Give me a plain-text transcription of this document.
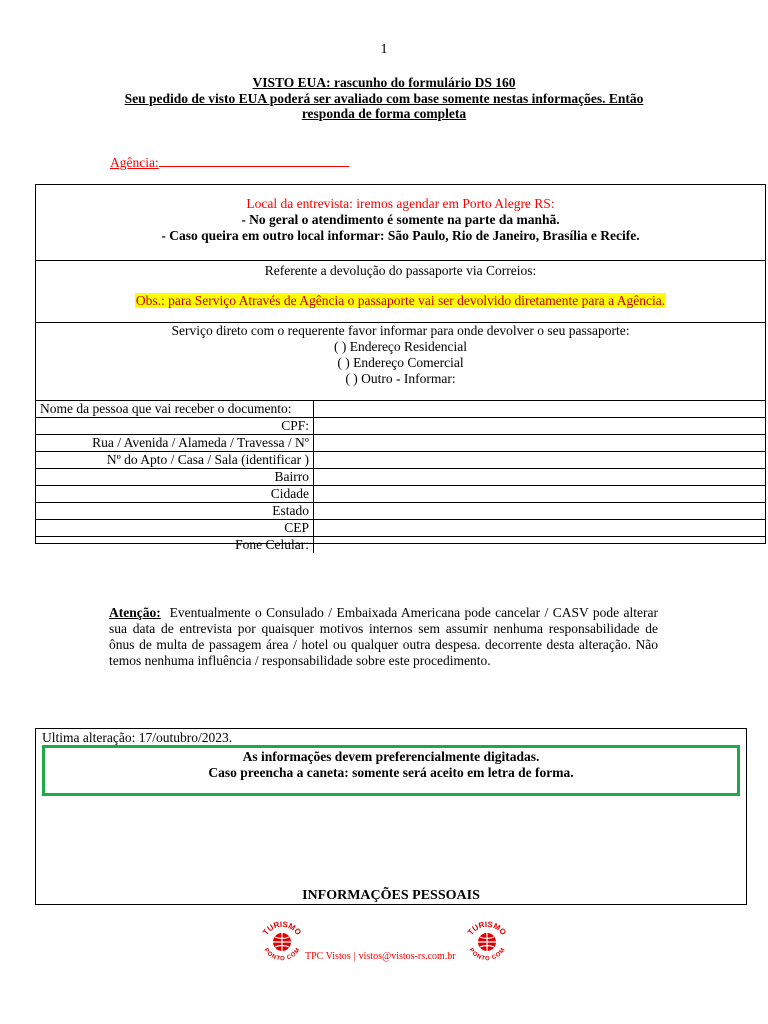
1
VISTO EUA: rascunho do formulário DS 160
Seu pedido de visto EUA poderá ser avaliado com base somente nestas informações. Então
responda de forma completa
Agência:
Local da entrevista: iremos agendar em Porto Alegre RS:
- No geral o atendimento é somente na parte da manhã.
- Caso queira em outro local informar: São Paulo, Rio de Janeiro, Brasília e Recife.
Referente a devolução do passaporte via Correios:
Obs.: para Serviço Através de Agência o passaporte vai ser devolvido diretamente para a Agência.
Serviço direto com o requerente favor informar para onde devolver o seu passaporte:
( ) Endereço Residencial
( ) Endereço Comercial
( ) Outro - Informar:
Nome da pessoa que vai receber o documento:	
CPF:	
Rua / Avenida / Alameda / Travessa / Nº	
Nº do Apto / Casa / Sala (identificar )	
Bairro	
Cidade	
Estado	
CEP	
Fone Celular:	
Atenção: Eventualmente o Consulado / Embaixada Americana pode cancelar / CASV pode alterar sua data de entrevista por quaisquer motivos internos sem assumir nenhuma responsabilidade de ônus de multa de passagem área / hotel ou qualquer outra despesa. decorrente desta alteração. Não temos nenhuma influência / responsabilidade sobre este procedimento.
Ultima alteração: 17/outubro/2023.
As informações devem preferencialmente digitadas.
Caso preencha a caneta: somente será aceito em letra de forma.
INFORMAÇÕES PESSOAIS
TURISMO
PONTO COM TPC Vistos | vistos@vistos-rs.com.br
TURISMO
PONTO COM
